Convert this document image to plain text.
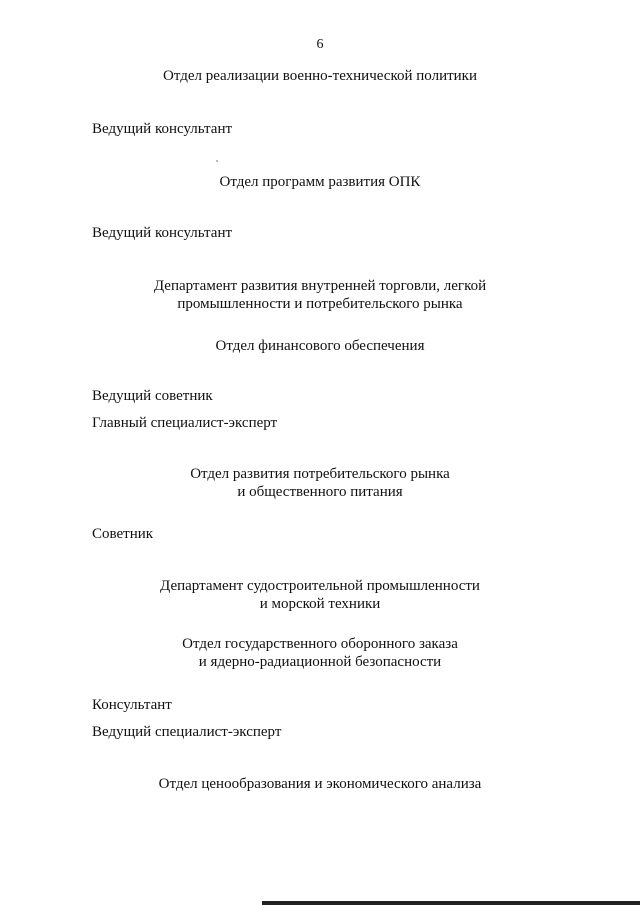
6
Отдел реализации военно-технической политики
Ведущий консультант
Отдел программ развития ОПК
Ведущий консультант
Департамент развития внутренней торговли, легкой
промышленности и потребительского рынка
Отдел финансового обеспечения
Ведущий советник
Главный специалист-эксперт
Отдел развития потребительского рынка
и общественного питания
Советник
Департамент судостроительной промышленности
и морской техники
Отдел государственного оборонного заказа
и ядерно-радиационной безопасности
Консультант
Ведущий специалист-эксперт
Отдел ценообразования и экономического анализа
